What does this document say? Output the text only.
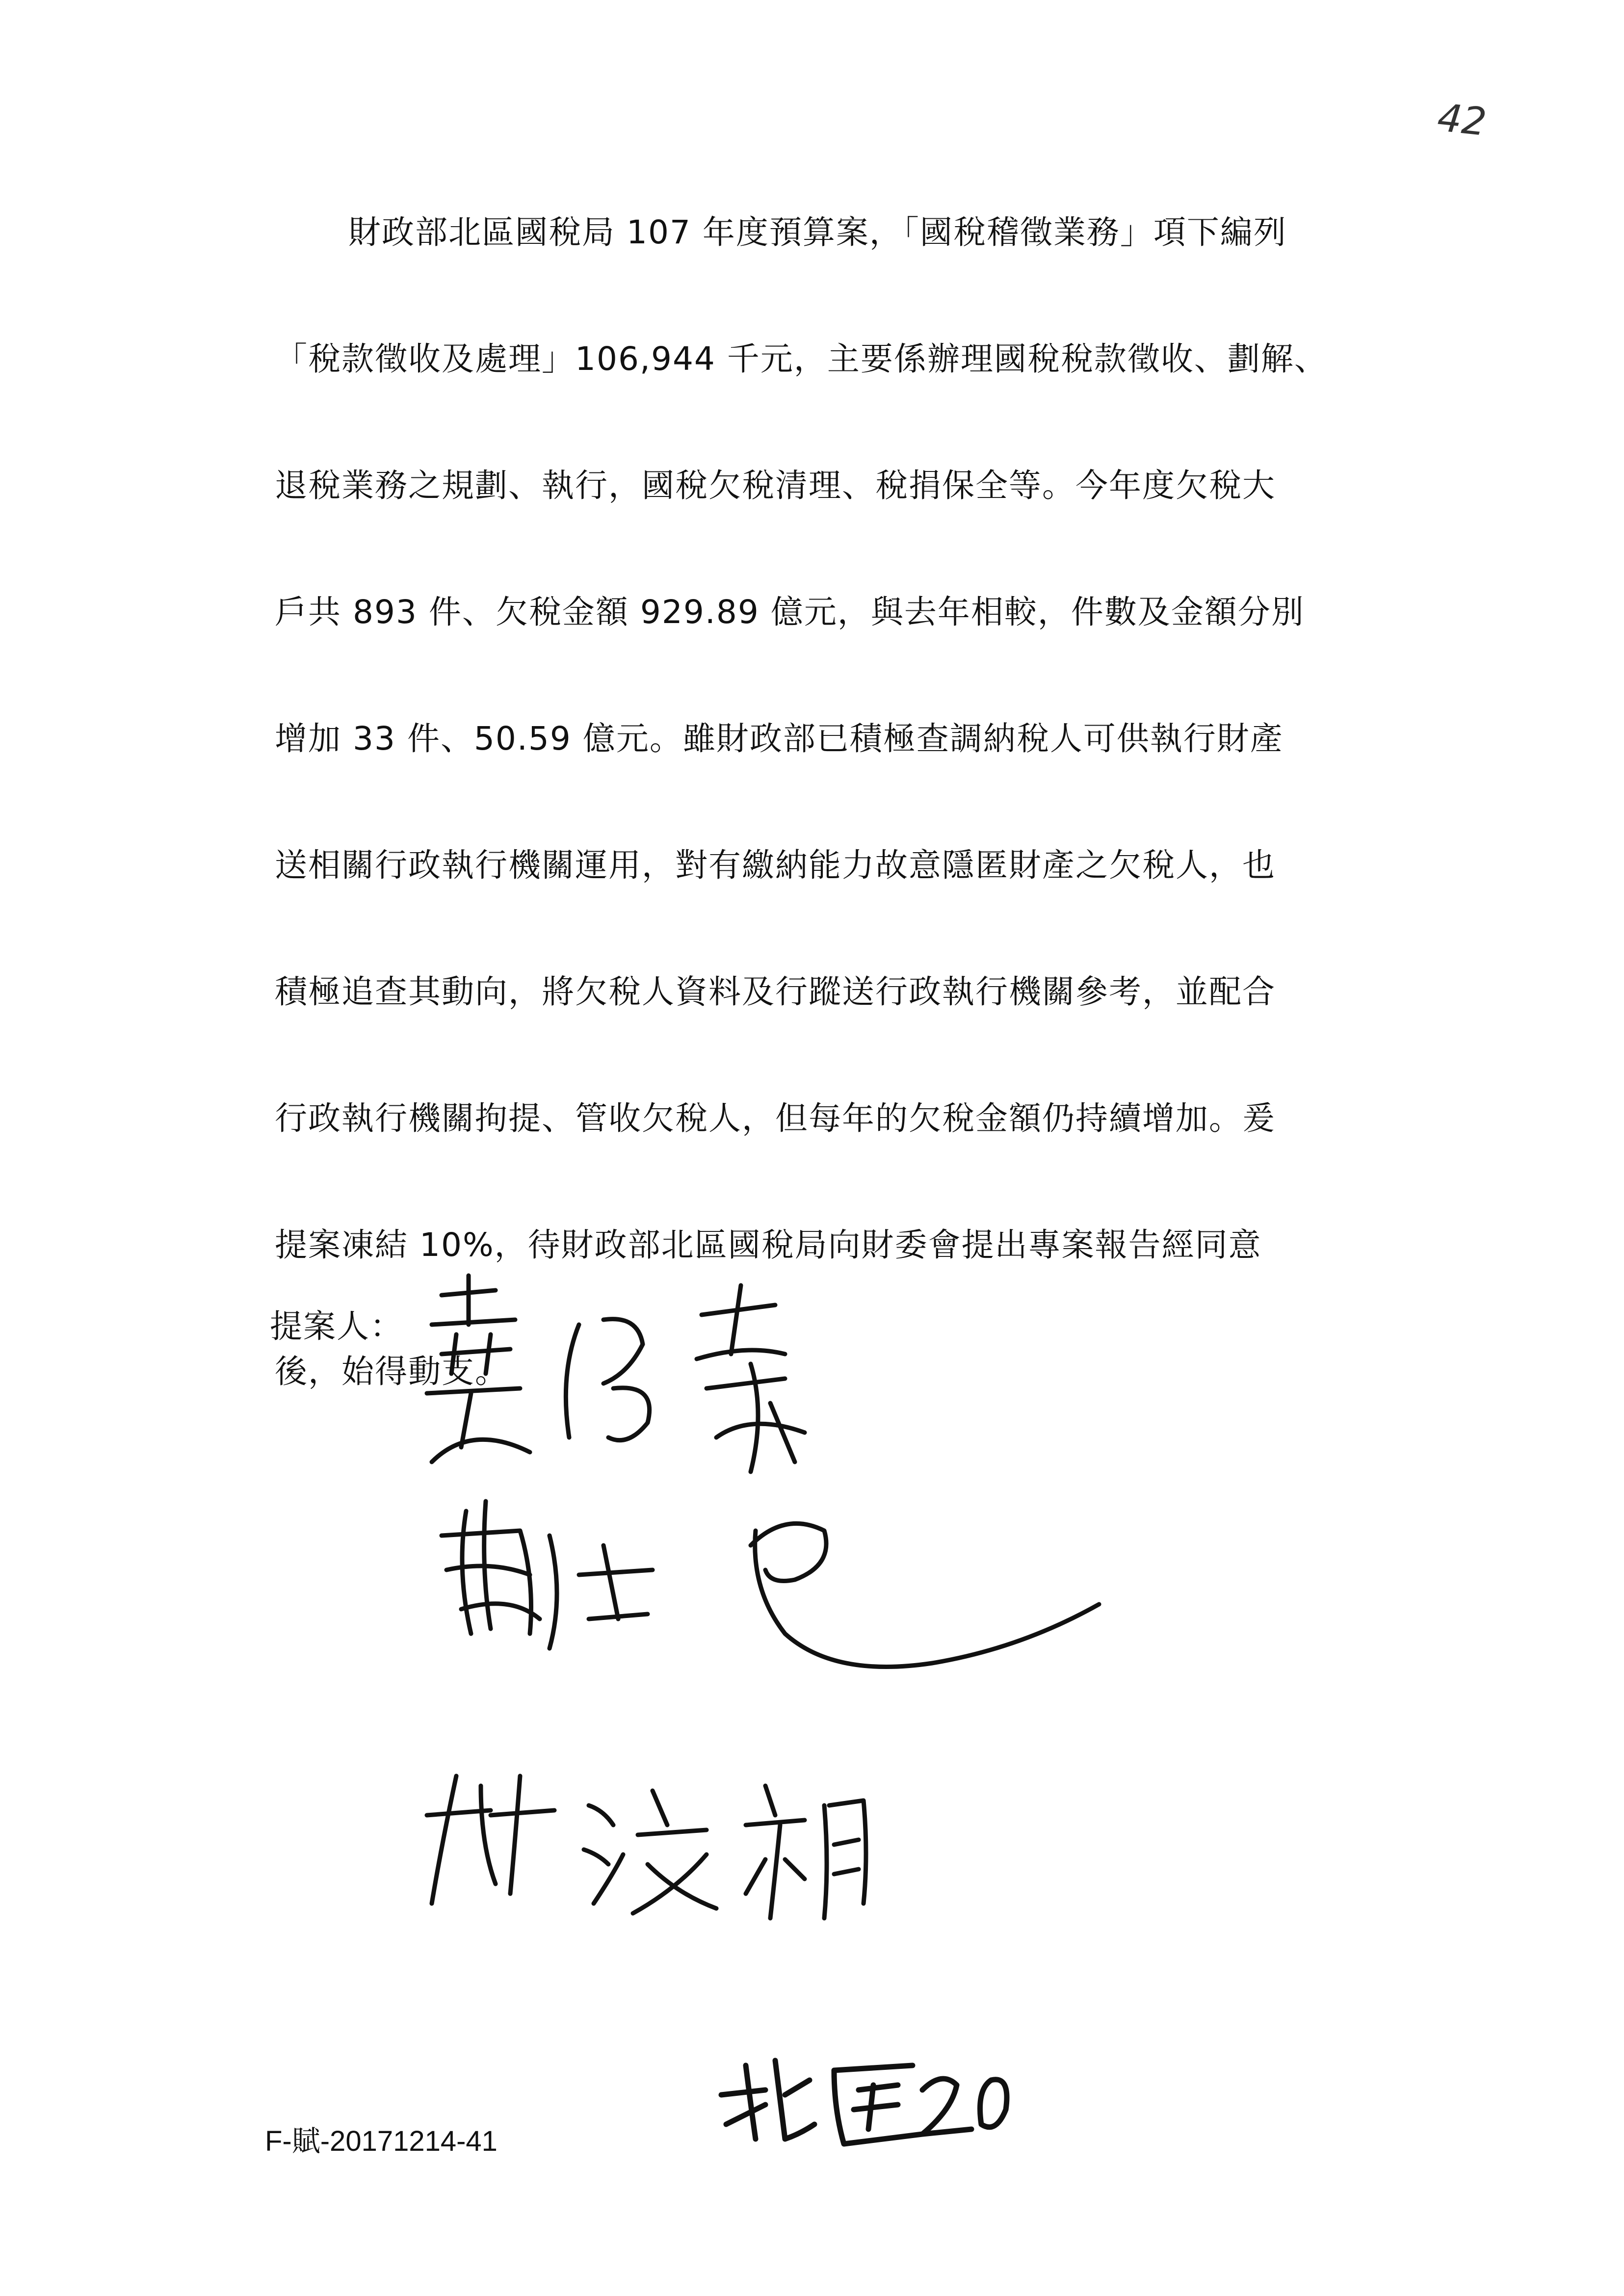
42
財政部北區國稅局 107 年度預算案，「國稅稽徵業務」項下編列
「稅款徵收及處理」106,944 千元，主要係辦理國稅稅款徵收、劃解、
退稅業務之規劃、執行，國稅欠稅清理、稅捐保全等。今年度欠稅大
戶共 893 件、欠稅金額 929.89 億元，與去年相較，件數及金額分別
增加 33 件、50.59 億元。雖財政部已積極查調納稅人可供執行財產
送相關行政執行機關運用，對有繳納能力故意隱匿財產之欠稅人，也
積極追查其動向，將欠稅人資料及行蹤送行政執行機關參考，並配合
行政執行機關拘提、管收欠稅人，但每年的欠稅金額仍持續增加。爰
提案凍結 10%，待財政部北區國稅局向財委會提出專案報告經同意
後，始得動支。
提案人：
F-賦-20171214-41
